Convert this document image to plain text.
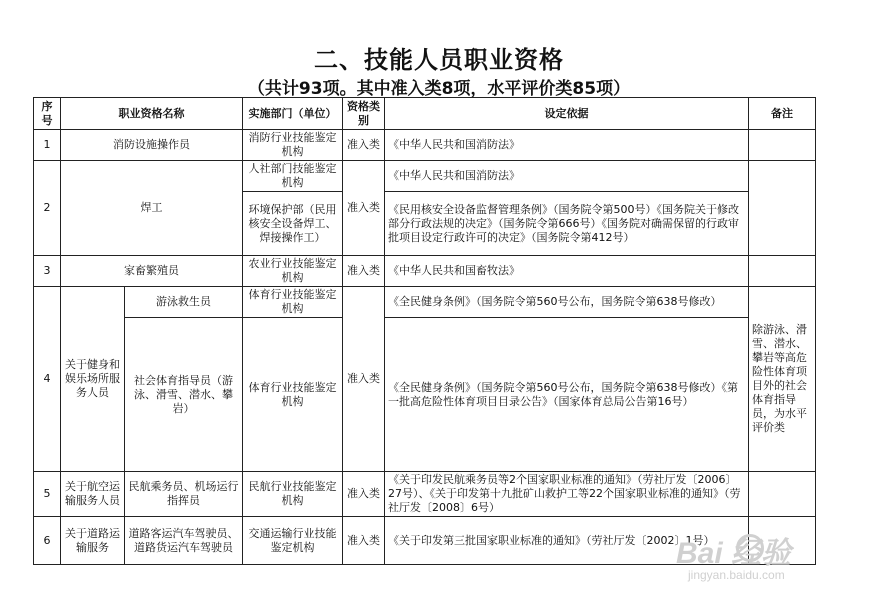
二、技能人员职业资格
（共计93项。其中准入类8项，水平评价类85项）
序号	职业资格名称		实施部门（单位）	资格类别	设定依据	备注
1	消防设施操作员		消防行业技能鉴定机构	准入类	《中华人民共和国消防法》	
2	焊工		人社部门技能鉴定机构	准入类	《中华人民共和国消防法》	
			环境保护部（民用核安全设备焊工、焊接操作工）		《民用核安全设备监督管理条例》（国务院令第500号）《国务院关于修改部分行政法规的决定》（国务院令第666号）《国务院对确需保留的行政审批项目设定行政许可的决定》（国务院令第412号）	
3	家畜繁殖员		农业行业技能鉴定机构	准入类	《中华人民共和国畜牧法》	
4	关于健身和娱乐场所服务人员	游泳救生员	体育行业技能鉴定机构	准入类	《全民健身条例》（国务院令第560号公布，国务院令第638号修改）	除游泳、滑雪、潜水、攀岩等高危险性体育项目外的社会体育指导员，为水平评价类
		社会体育指导员（游泳、滑雪、潜水、攀岩）	体育行业技能鉴定机构		《全民健身条例》（国务院令第560号公布，国务院令第638号修改）《第一批高危险性体育项目目录公告》（国家体育总局公告第16号）	
5	关于航空运输服务人员	民航乘务员、机场运行指挥员	民航行业技能鉴定机构	准入类	《关于印发民航乘务员等2个国家职业标准的通知》（劳社厅发〔2006〕27号）、《关于印发第十九批矿山救护工等22个国家职业标准的通知》（劳社厅发〔2008〕6号）	
6	关于道路运输服务	道路客运汽车驾驶员、道路货运汽车驾驶员	交通运输行业技能鉴定机构	准入类	《关于印发第三批国家职业标准的通知》（劳社厅发〔2002〕1号）	
Bai 经验
jingyan.baidu.com
